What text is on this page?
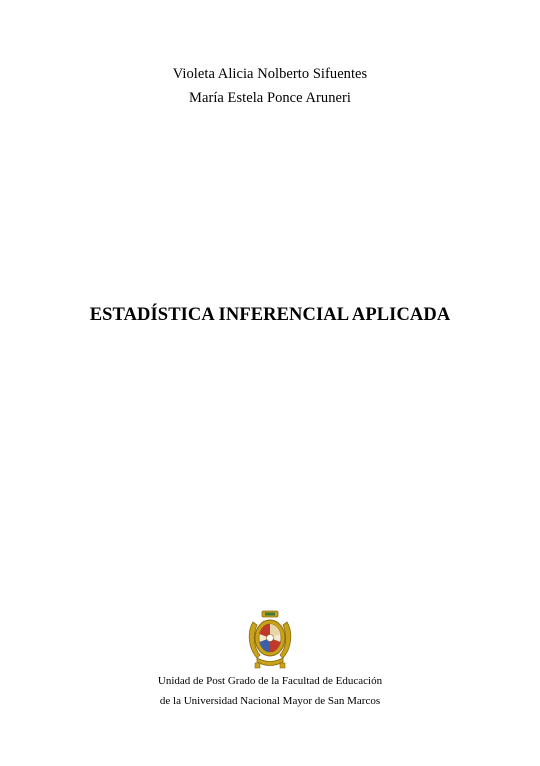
Violeta Alicia Nolberto Sifuentes
María Estela Ponce Aruneri
ESTADÍSTICA INFERENCIAL APLICADA
Unidad de Post Grado de la Facultad de Educación
de la Universidad Nacional Mayor de San Marcos
